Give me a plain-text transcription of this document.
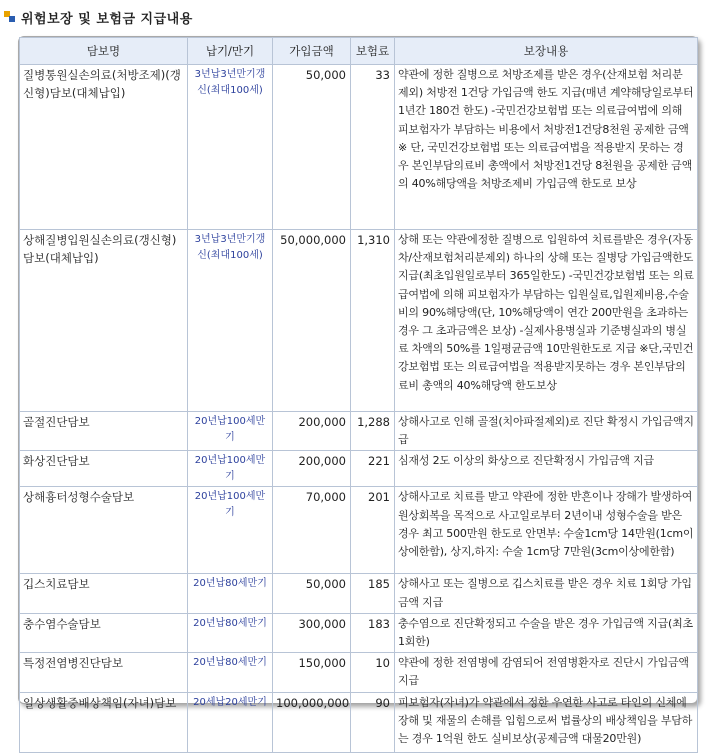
위험보장 및 보험금 지급내용
담보명	납기/만기	가입금액	보험료	보장내용
질병통원실손의료(처방조제)(갱신형)담보(대체납입)	3년납3년만기갱신(최대100세)	50,000	33	약관에 정한 질병으로 처방조제를 받은 경우(산재보험 처리분 제외) 처방전 1건당 가입금액 한도 지급(매년 계약해당일로부터 1년간 180건 한도) -국민건강보험법 또는 의료급여법에 의해 피보험자가 부담하는 비용에서 처방전1건당8천원 공제한 금액 ※ 단, 국민건강보험법 또는 의료급여법을 적용받지 못하는 경우 본인부담의료비 총액에서 처방전1건당 8천원을 공제한 금액의 40%해당액을 처방조제비 가입금액 한도로 보상
상해질병입원실손의료(갱신형)담보(대체납입)	3년납3년만기갱신(최대100세)	50,000,000	1,310	상해 또는 약관에정한 질병으로 입원하여 치료를받은 경우(자동차/산재보험처리분제외) 하나의 상해 또는 질병당 가입금액한도지급(최초입원일로부터 365일한도) -국민건강보험법 또는 의료급여법에 의해 피보험자가 부담하는 입원실료,입원제비용,수술비의 90%해당액(단, 10%해당액이 연간 200만원을 초과하는 경우 그 초과금액은 보상) -실제사용병실과 기준병실과의 병실료 차액의 50%를 1일평균금액 10만원한도로 지급 ※단,국민건강보험법 또는 의료급여법을 적용받지못하는 경우 본인부담의료비 총액의 40%해당액 한도보상
골절진단담보	20년납100세만기	200,000	1,288	상해사고로 인해 골절(치아파절제외)로 진단 확정시 가입금액지급
화상진단담보	20년납100세만기	200,000	221	심재성 2도 이상의 화상으로 진단확정시 가입금액 지급
상해흉터성형수술담보	20년납100세만기	70,000	201	상해사고로 치료를 받고 약관에 정한 반흔이나 장해가 발생하여 원상회복을 목적으로 사고일로부터 2년이내 성형수술을 받은 경우 최고 500만원 한도로 안면부: 수술1cm당 14만원(1cm이상에한함), 상지,하지: 수술 1cm당 7만원(3cm이상에한함)
깁스치료담보	20년납80세만기	50,000	185	상해사고 또는 질병으로 깁스치료를 받은 경우 치료 1회당 가입금액 지급
충수염수술담보	20년납80세만기	300,000	183	충수염으로 진단확정되고 수술을 받은 경우 가입금액 지급(최초 1회한)
특정전염병진단담보	20년납80세만기	150,000	10	약관에 정한 전염병에 감염되어 전염병환자로 진단시 가입금액 지급
일상생활중배상책임(자녀)담보	20세납20세만기	100,000,000	90	피보험자(자녀)가 약관에서 정한 우연한 사고로 타인의 신체에 장해 및 재물의 손해를 입힘으로써 법률상의 배상책임을 부담하는 경우 1억원 한도 실비보상(공제금액 대물20만원)
